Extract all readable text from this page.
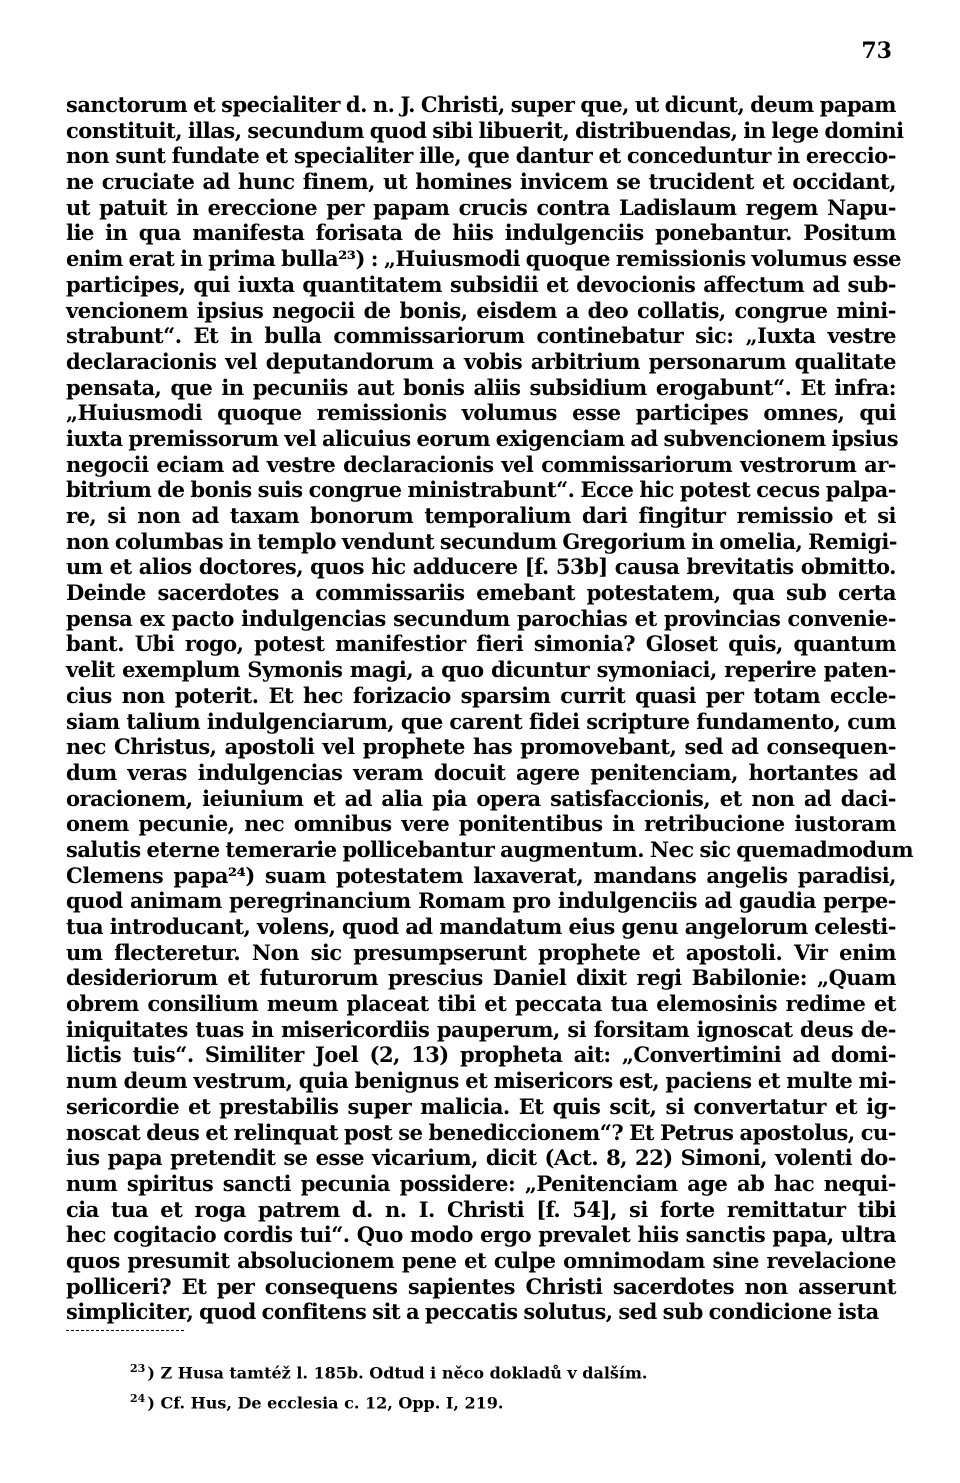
73
sanctorum et specialiter d. n. J. Christi, super que, ut dicunt, deum papam
constituit, illas, secundum quod sibi libuerit, distribuendas, in lege domini
non sunt fundate et specialiter ille, que dantur et conceduntur in ereccio-
ne cruciate ad hunc finem, ut homines invicem se trucident et occidant,
ut patuit in ereccione per papam crucis contra Ladislaum regem Napu-
lie in qua manifesta forisata de hiis indulgenciis ponebantur. Positum
enim erat in prima bulla²³) : „Huiusmodi quoque remissionis volumus esse
participes, qui iuxta quantitatem subsidii et devocionis affectum ad sub-
vencionem ipsius negocii de bonis, eisdem a deo collatis, congrue mini-
strabunt“. Et in bulla commissariorum continebatur sic: „Iuxta vestre
declaracionis vel deputandorum a vobis arbitrium personarum qualitate
pensata, que in pecuniis aut bonis aliis subsidium erogabunt“. Et infra:
„Huiusmodi quoque remissionis volumus esse participes omnes, qui
iuxta premissorum vel alicuius eorum exigenciam ad subvencionem ipsius
negocii eciam ad vestre declaracionis vel commissariorum vestrorum ar-
bitrium de bonis suis congrue ministrabunt“. Ecce hic potest cecus palpa-
re, si non ad taxam bonorum temporalium dari fingitur remissio et si
non columbas in templo vendunt secundum Gregorium in omelia, Remigi-
um et alios doctores, quos hic adducere [f. 53b] causa brevitatis obmitto.
Deinde sacerdotes a commissariis emebant potestatem, qua sub certa
pensa ex pacto indulgencias secundum parochias et provincias convenie-
bant. Ubi rogo, potest manifestior fieri simonia? Gloset quis, quantum
velit exemplum Symonis magi, a quo dicuntur symoniaci, reperire paten-
cius non poterit. Et hec forizacio sparsim currit quasi per totam eccle-
siam talium indulgenciarum, que carent fidei scripture fundamento, cum
nec Christus, apostoli vel prophete has promovebant, sed ad consequen-
dum veras indulgencias veram docuit agere penitenciam, hortantes ad
oracionem, ieiunium et ad alia pia opera satisfaccionis, et non ad daci-
onem pecunie, nec omnibus vere ponitentibus in retribucione iustoram
salutis eterne temerarie pollicebantur augmentum. Nec sic quemadmodum
Clemens papa²⁴) suam potestatem laxaverat, mandans angelis paradisi,
quod animam peregrinancium Romam pro indulgenciis ad gaudia perpe-
tua introducant, volens, quod ad mandatum eius genu angelorum celesti-
um flecteretur. Non sic presumpserunt prophete et apostoli. Vir enim
desideriorum et futurorum prescius Daniel dixit regi Babilonie: „Quam
obrem consilium meum placeat tibi et peccata tua elemosinis redime et
iniquitates tuas in misericordiis pauperum, si forsitam ignoscat deus de-
lictis tuis“. Similiter Joel (2, 13) propheta ait: „Convertimini ad domi-
num deum vestrum, quia benignus et misericors est, paciens et multe mi-
sericordie et prestabilis super malicia. Et quis scit, si convertatur et ig-
noscat deus et relinquat post se benediccionem“? Et Petrus apostolus, cu-
ius papa pretendit se esse vicarium, dicit (Act. 8, 22) Simoni, volenti do-
num spiritus sancti pecunia possidere: „Penitenciam age ab hac nequi-
cia tua et roga patrem d. n. I. Christi [f. 54], si forte remittatur tibi
hec cogitacio cordis tui“. Quo modo ergo prevalet hiis sanctis papa, ultra
quos presumit absolucionem pene et culpe omnimodam sine revelacione
polliceri? Et per consequens sapientes Christi sacerdotes non asserunt
simpliciter, quod confitens sit a peccatis solutus, sed sub condicione ista
$^{23}$ ) Z Husa tamtéž l. 185b. Odtud i něco dokladů v dalším.
$^{24}$ ) Cf. Hus, De ecclesia c. 12, Opp. I, 219.
